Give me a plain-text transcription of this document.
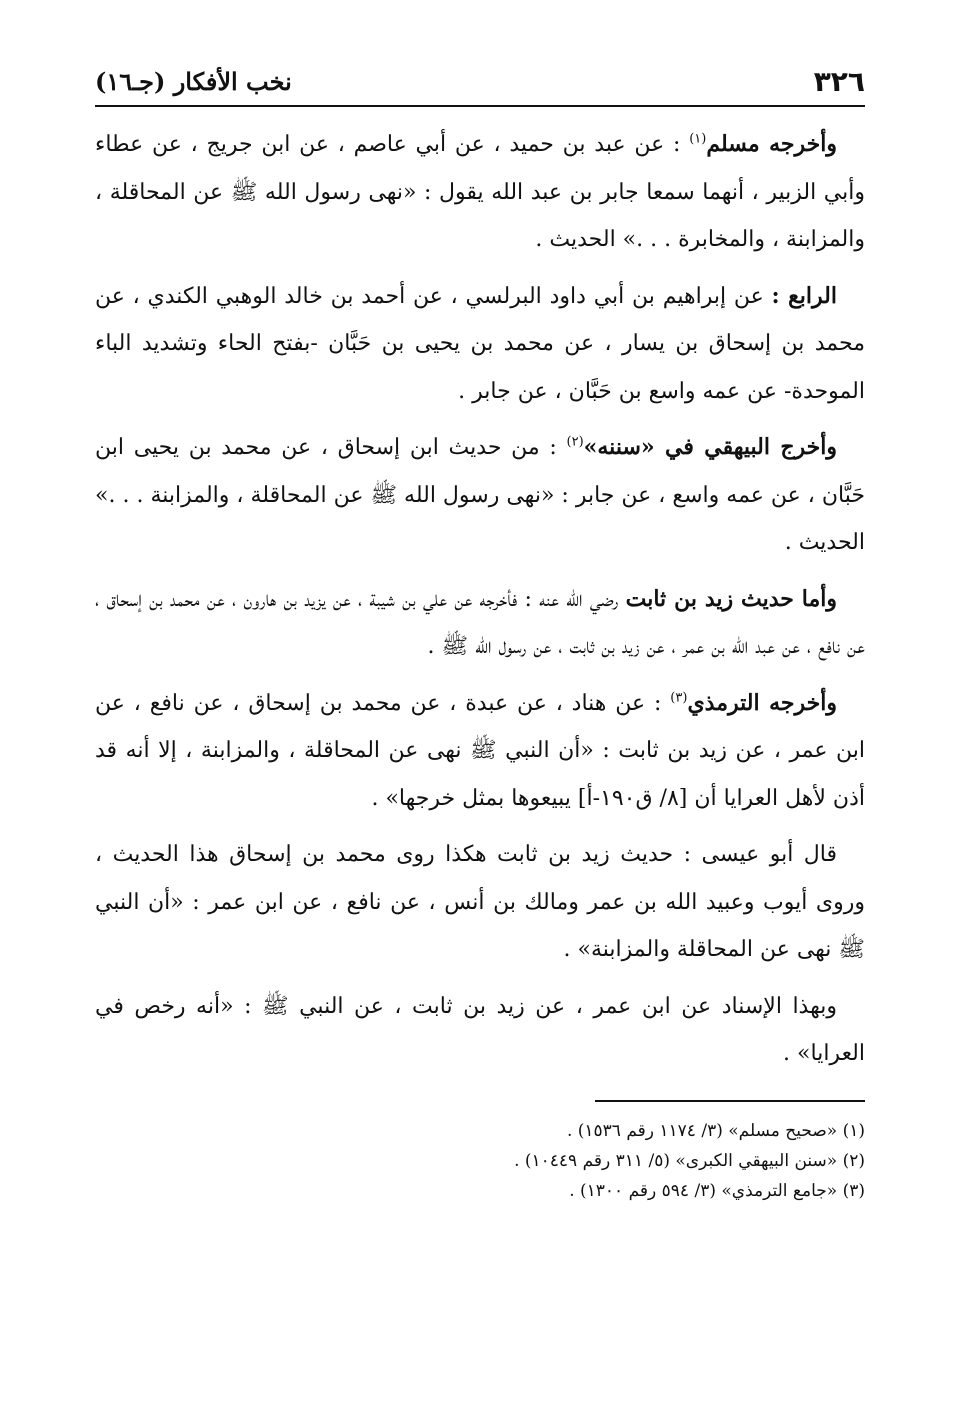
٣٢٦
نخب الأفكار (جـ١٦)

وأخرجه مسلم$^{(١)}$ : عن عبد بن حميد ، عن أبي عاصم ، عن ابن جريج ، عن عطاء وأبي الزبير ، أنهما سمعا جابر بن عبد الله يقول : «نهى رسول الله ﷺ عن المحاقلة ، والمزابنة ، والمخابرة . . .» الحديث .

الرابع : عن إبراهيم بن أبي داود البرلسي ، عن أحمد بن خالد الوهبي الكندي ، عن محمد بن إسحاق بن يسار ، عن محمد بن يحيى بن حَبَّان -بفتح الحاء وتشديد الباء الموحدة- عن عمه واسع بن حَبَّان ، عن جابر .

وأخرج البيهقي في «سننه»$^{(٢)}$ : من حديث ابن إسحاق ، عن محمد بن يحيى ابن حَبَّان ، عن عمه واسع ، عن جابر : «نهى رسول الله ﷺ عن المحاقلة ، والمزابنة . . .» الحديث .

وأما حديث زيد بن ثابت رضي الله عنه : فأخرجه عن علي بن شيبة ، عن يزيد بن هارون ، عن محمد بن إسحاق ، عن نافع ، عن عبد الله بن عمر ، عن زيد بن ثابت ، عن رسول الله ﷺ .

وأخرجه الترمذي$^{(٣)}$ : عن هناد ، عن عبدة ، عن محمد بن إسحاق ، عن نافع ، عن ابن عمر ، عن زيد بن ثابت : «أن النبي ﷺ نهى عن المحاقلة ، والمزابنة ، إلا أنه قد أذن لأهل العرايا أن [٨/ ق١٩٠-أ] يبيعوها بمثل خرجها» .

قال أبو عيسى : حديث زيد بن ثابت هكذا روى محمد بن إسحاق هذا الحديث ، وروى أيوب وعبيد الله بن عمر ومالك بن أنس ، عن نافع ، عن ابن عمر : «أن النبي ﷺ نهى عن المحاقلة والمزابنة» .

وبهذا الإسناد عن ابن عمر ، عن زيد بن ثابت ، عن النبي ﷺ : «أنه رخص في العرايا» .

(١) «صحيح مسلم» (٣/ ١١٧٤ رقم ١٥٣٦) .

(٢) «سنن البيهقي الكبرى» (٥/ ٣١١ رقم ١٠٤٤٩) .

(٣) «جامع الترمذي» (٣/ ٥٩٤ رقم ١٣٠٠) .
